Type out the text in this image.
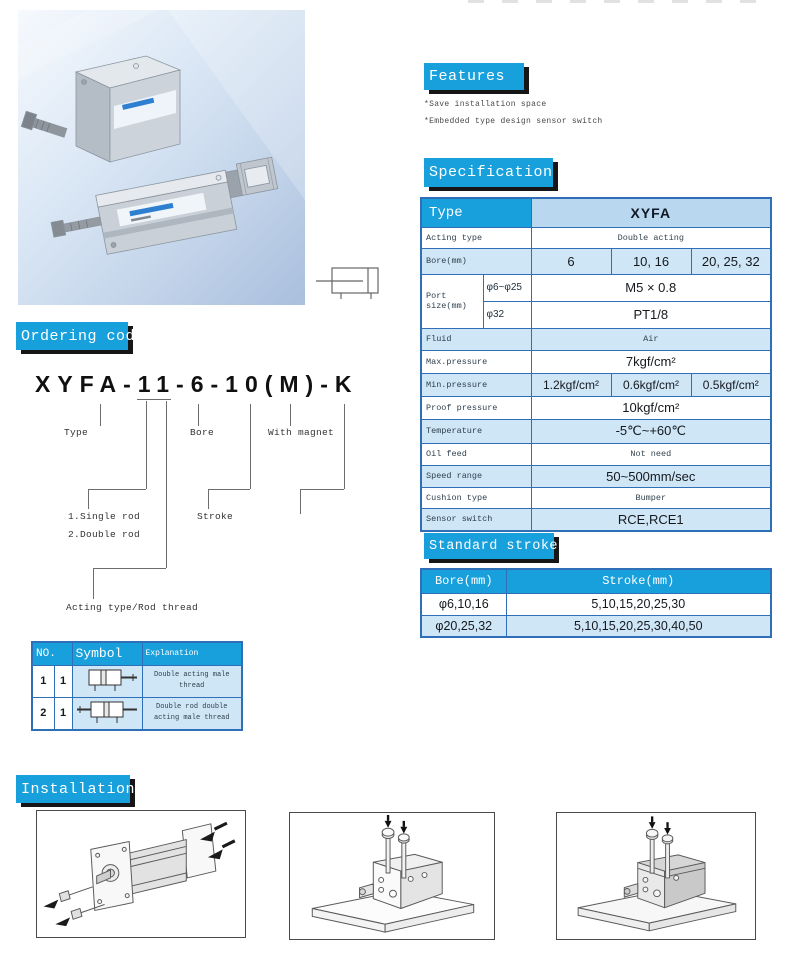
Features
Specification
Ordering code
Standard stroke
Installation
*Save installation space
*Embedded type design sensor switch
Type		XYFA		
Acting type		Double acting		
Bore(mm)		6	10, 16	20, 25, 32
Port size(mm)	φ6~φ25	M5 × 0.8		
	φ32	PT1/8		
Fluid		Air		
Max.pressure		7kgf/cm²		
Min.pressure		1.2kgf/cm²	0.6kgf/cm²	0.5kgf/cm²
Proof pressure		10kgf/cm²		
Temperature		-5℃~+60℃		
Oil feed		Not need		
Speed range		50~500mm/sec		
Cushion type		Bumper		
Sensor switch		RCE,RCE1		
XYFA-11-6-10(M)-K
Type	Bore	With magnet
1.Single rod
2.Double rod
Stroke
Acting type/Rod thread
Bore(mm)	Stroke(mm)
φ6,10,16	5,10,15,20,25,30
φ20,25,32	5,10,15,20,25,30,40,50
NO.		Symbol	Explanation
1	1		Double acting male thread
2	1		Double rod double acting male thread
